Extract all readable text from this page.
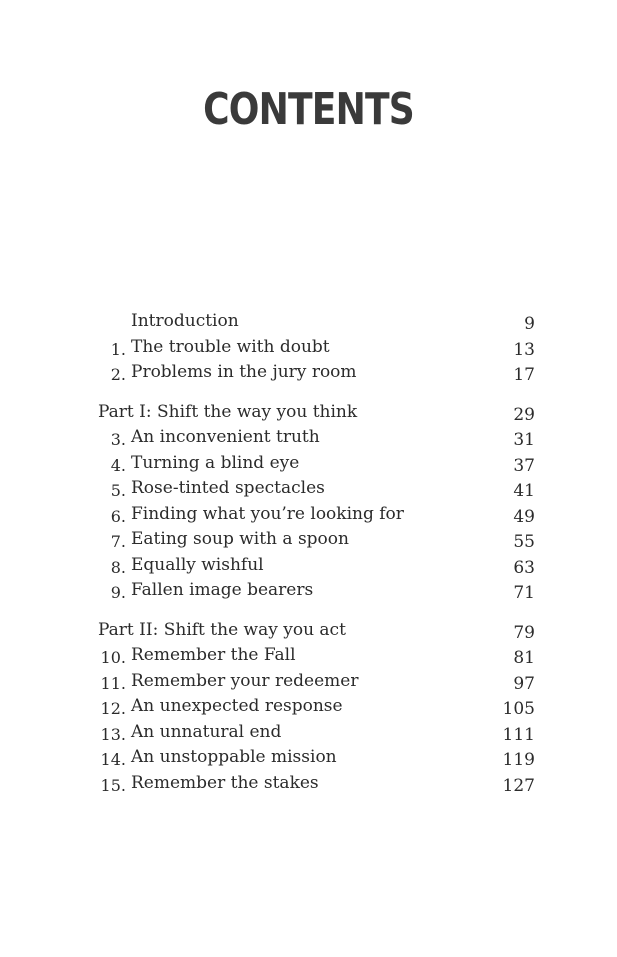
CONTENTS
Introduction	9
1. The trouble with doubt	13
2. Problems in the jury room	17
Part I: Shift the way you think	29
3. An inconvenient truth	31
4. Turning a blind eye	37
5. Rose-tinted spectacles	41
6. Finding what you’re looking for	49
7. Eating soup with a spoon	55
8. Equally wishful	63
9. Fallen image bearers	71
Part II: Shift the way you act	79
10. Remember the Fall	81
11. Remember your redeemer	97
12. An unexpected response	105
13. An unnatural end	111
14. An unstoppable mission	119
15. Remember the stakes	127
